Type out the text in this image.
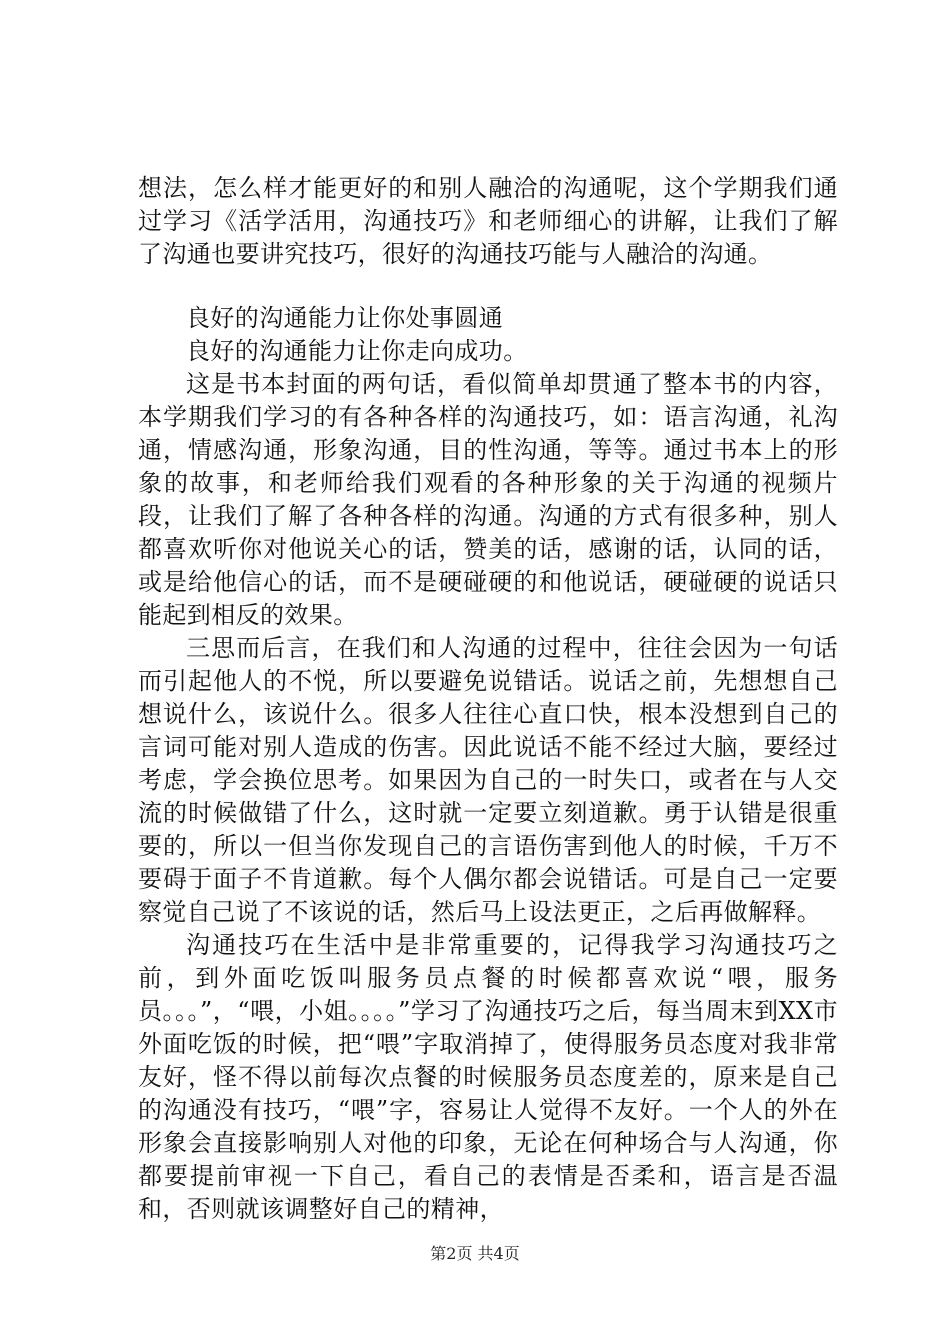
想法，怎么样才能更好的和别人融洽的沟通呢，这个学期我们通过学习《活学活用，沟通技巧》和老师细心的讲解，让我们了解了沟通也要讲究技巧，很好的沟通技巧能与人融洽的沟通。

良好的沟通能力让你处事圆通

良好的沟通能力让你走向成功。

这是书本封面的两句话，看似简单却贯通了整本书的内容，本学期我们学习的有各种各样的沟通技巧，如：语言沟通，礼沟通，情感沟通，形象沟通，目的性沟通，等等。通过书本上的形象的故事，和老师给我们观看的各种形象的关于沟通的视频片段，让我们了解了各种各样的沟通。沟通的方式有很多种，别人都喜欢听你对他说关心的话，赞美的话，感谢的话，认同的话，或是给他信心的话，而不是硬碰硬的和他说话，硬碰硬的说话只能起到相反的效果。

三思而后言，在我们和人沟通的过程中，往往会因为一句话而引起他人的不悦，所以要避免说错话。说话之前，先想想自己想说什么，该说什么。很多人往往心直口快，根本没想到自己的言词可能对别人造成的伤害。因此说话不能不经过大脑，要经过考虑，学会换位思考。如果因为自己的一时失口，或者在与人交流的时候做错了什么，这时就一定要立刻道歉。勇于认错是很重要的，所以一但当你发现自己的言语伤害到他人的时候，千万不要碍于面子不肯道歉。每个人偶尔都会说错话。可是自己一定要察觉自己说了不该说的话，然后马上设法更正，之后再做解释。

沟通技巧在生活中是非常重要的，记得我学习沟通技巧之前，到外面吃饭叫服务员点餐的时候都喜欢说“喂，服务员。。。”，“喂，小姐。。。。”学习了沟通技巧之后，每当周末到XX市外面吃饭的时候，把“喂”字取消掉了，使得服务员态度对我非常友好，怪不得以前每次点餐的时候服务员态度差的，原来是自己的沟通没有技巧，“喂”字，容易让人觉得不友好。一个人的外在形象会直接影响别人对他的印象，无论在何种场合与人沟通，你都要提前审视一下自己，看自己的表情是否柔和，语言是否温和，否则就该调整好自己的精神，

第2页 共4页
